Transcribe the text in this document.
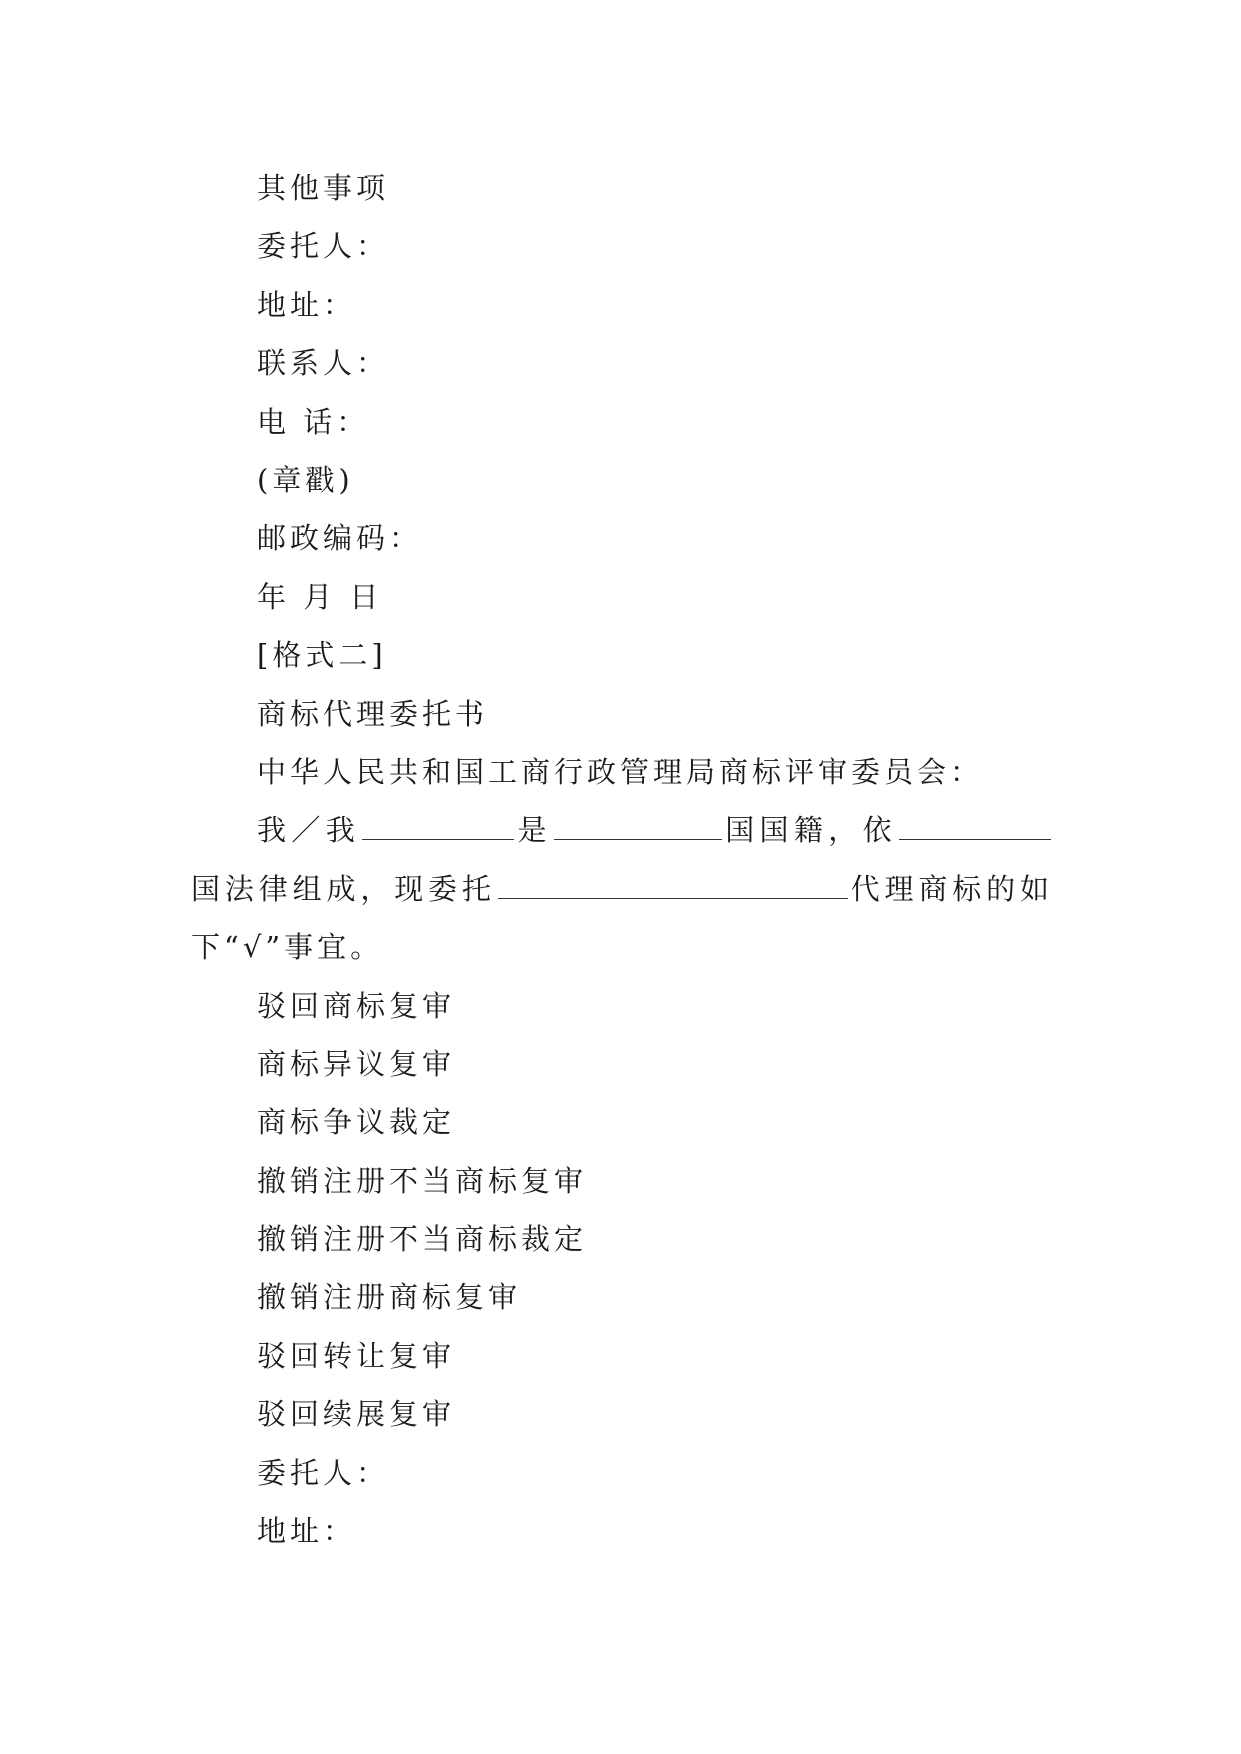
其他事项
委托人：
地址：
联系人：
电 话：
(章戳)
邮政编码：
年 月 日
[格式二]
商标代理委托书
中华人民共和国工商行政管理局商标评审委员会：
我／我	是	国国籍，依国法律组成，现委托	代理商标的如下“√”事宜。
驳回商标复审
商标异议复审
商标争议裁定
撤销注册不当商标复审
撤销注册不当商标裁定
撤销注册商标复审
驳回转让复审
驳回续展复审
委托人：
地址：
